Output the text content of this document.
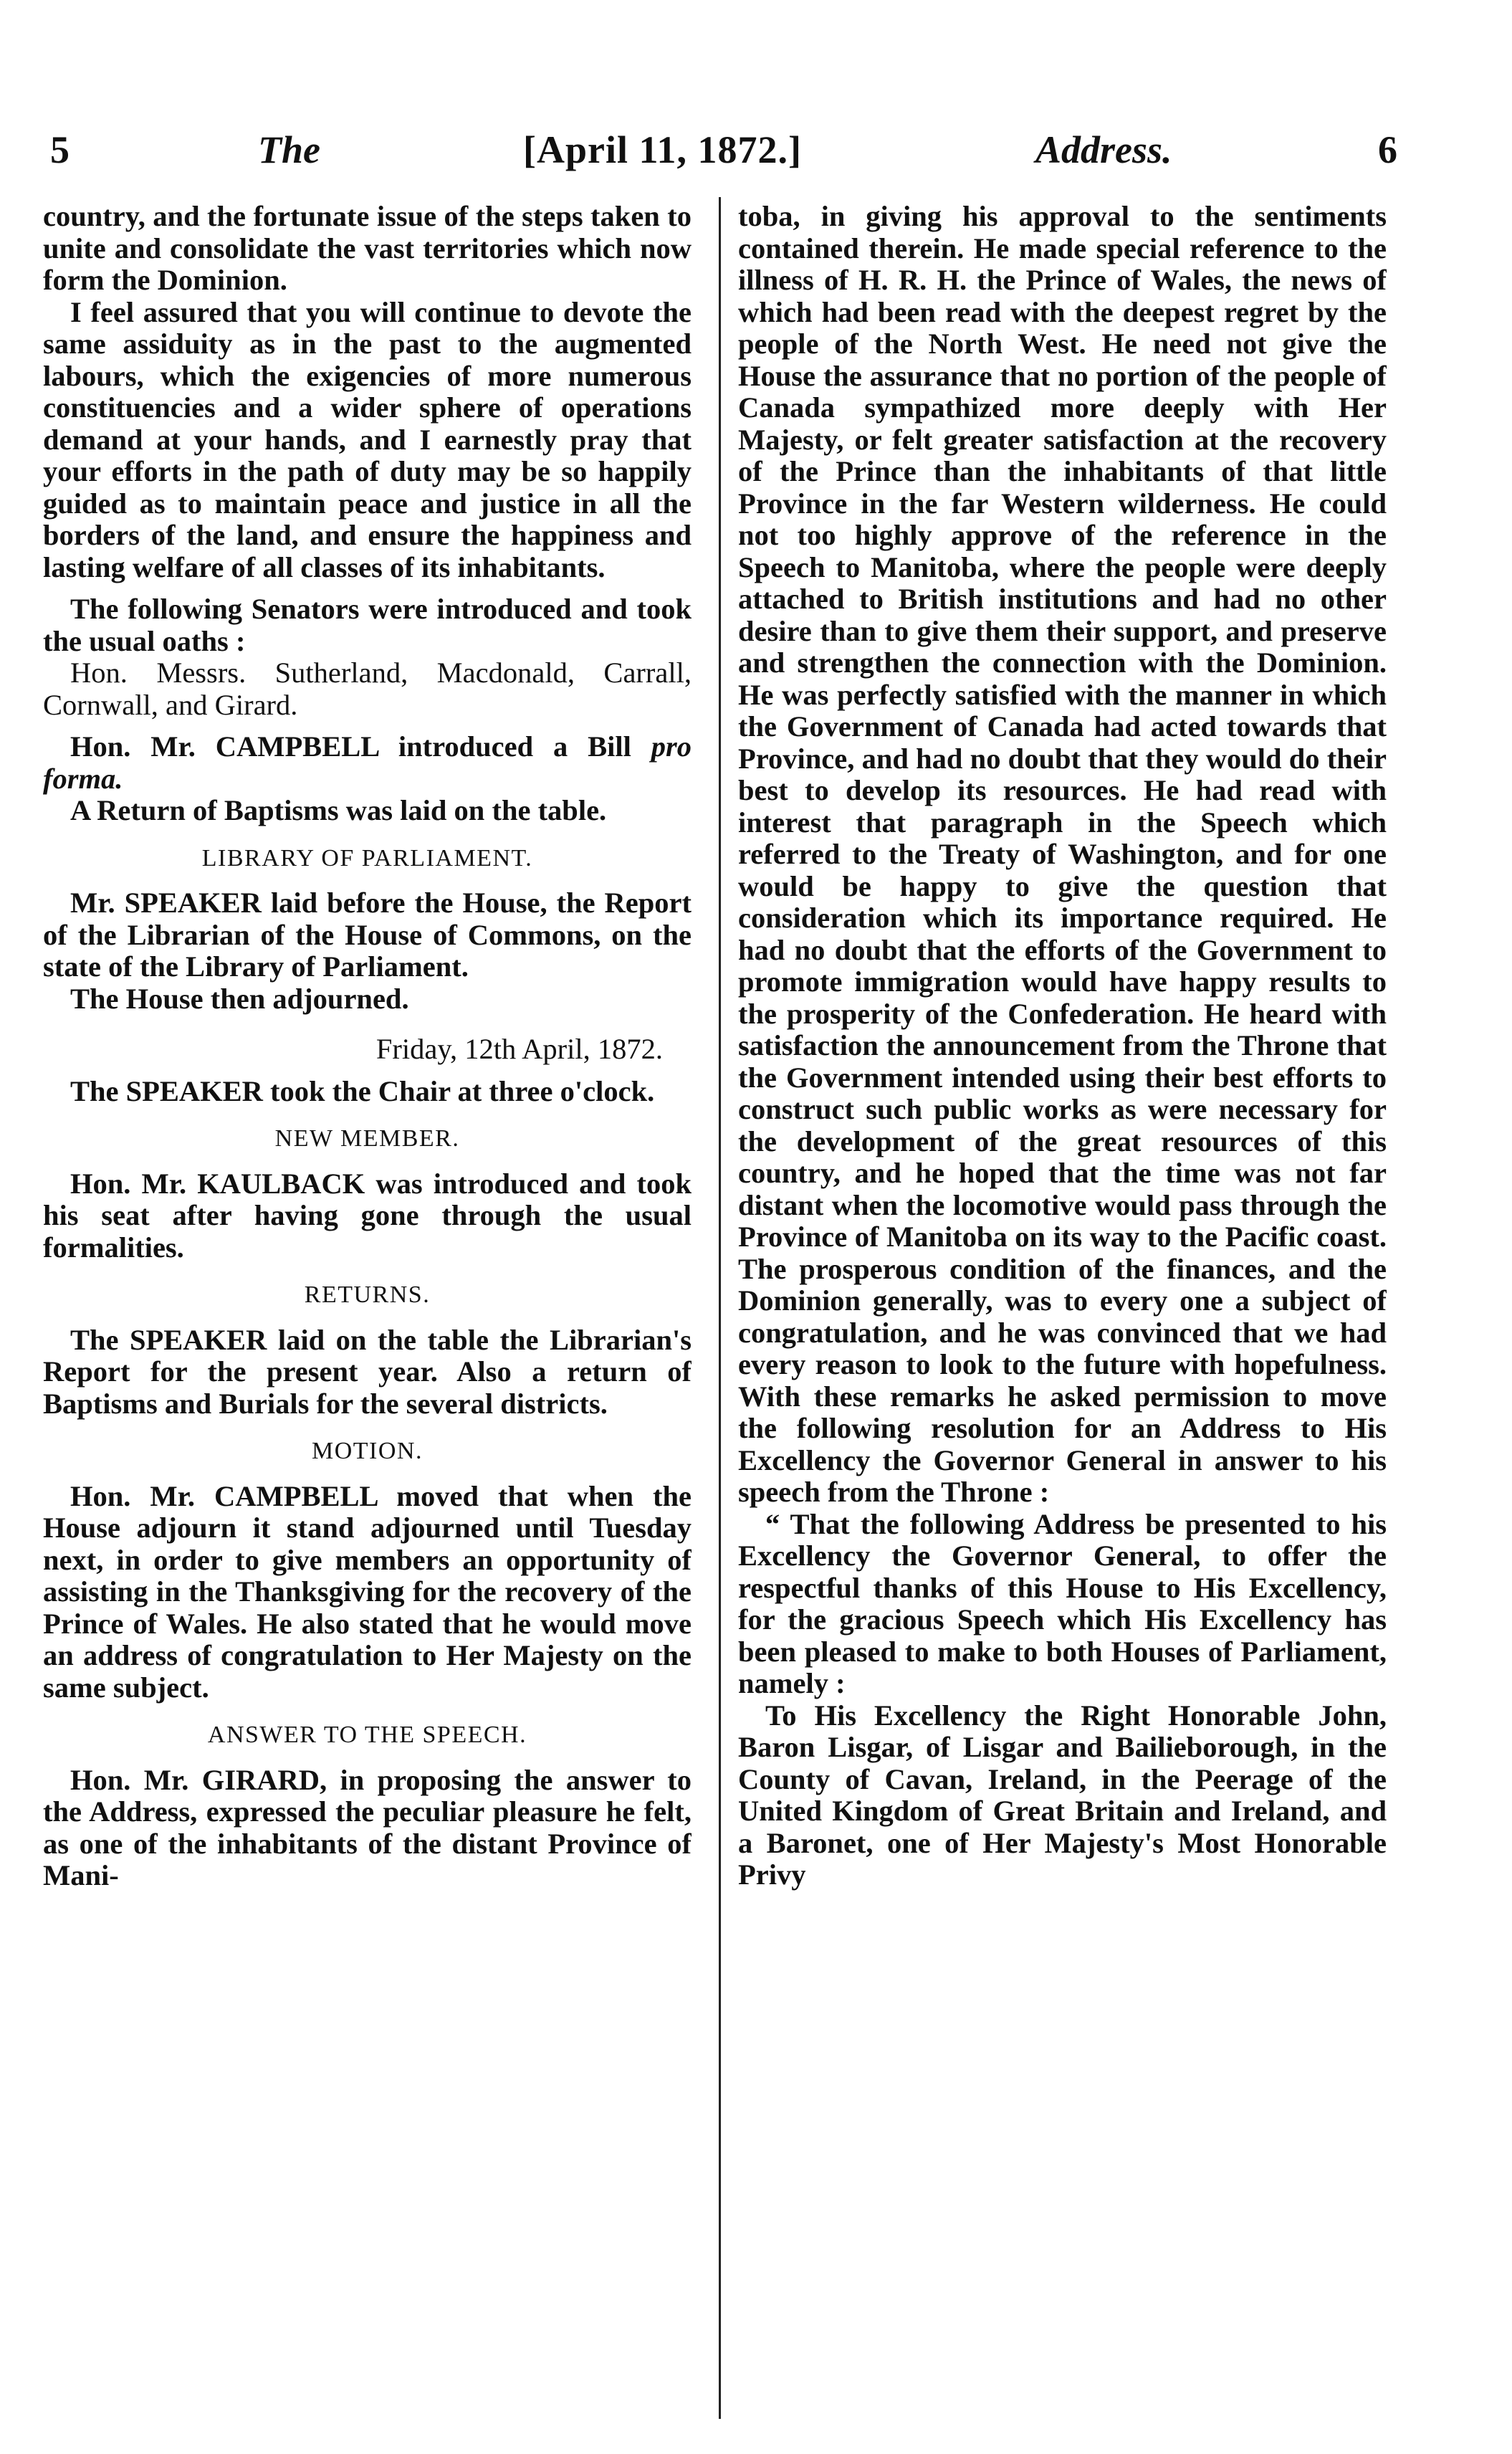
5	The	[April 11, 1872.]	Address.	6

country, and the fortunate issue of the steps taken to unite and consolidate the vast territories which now form the Dominion.

I feel assured that you will continue to devote the same assiduity as in the past to the augmented labours, which the exigencies of more numerous constituencies and a wider sphere of operations demand at your hands, and I earnestly pray that your efforts in the path of duty may be so happily guided as to maintain peace and justice in all the borders of the land, and ensure the happiness and lasting welfare of all classes of its inhabitants.

The following Senators were introduced and took the usual oaths :

Hon. Messrs. Sutherland, Macdonald, Carrall, Cornwall, and Girard.

Hon. Mr. CAMPBELL introduced a Bill pro forma.

A Return of Baptisms was laid on the table.

LIBRARY OF PARLIAMENT.

Mr. SPEAKER laid before the House, the Report of the Librarian of the House of Commons, on the state of the Library of Parliament.

The House then adjourned.

Friday, 12th April, 1872.

The SPEAKER took the Chair at three o'clock.

NEW MEMBER.

Hon. Mr. KAULBACK was introduced and took his seat after having gone through the usual formalities.

RETURNS.

The SPEAKER laid on the table the Librarian's Report for the present year. Also a return of Baptisms and Burials for the several districts.

MOTION.

Hon. Mr. CAMPBELL moved that when the House adjourn it stand adjourned until Tuesday next, in order to give members an opportunity of assisting in the Thanksgiving for the recovery of the Prince of Wales. He also stated that he would move an address of congratulation to Her Majesty on the same subject.

ANSWER TO THE SPEECH.

Hon. Mr. GIRARD, in proposing the answer to the Address, expressed the peculiar pleasure he felt, as one of the inhabitants of the distant Province of Mani-

toba, in giving his approval to the sentiments contained therein. He made special reference to the illness of H. R. H. the Prince of Wales, the news of which had been read with the deepest regret by the people of the North West. He need not give the House the assurance that no portion of the people of Canada sympathized more deeply with Her Majesty, or felt greater satisfaction at the recovery of the Prince than the inhabitants of that little Province in the far Western wilderness. He could not too highly approve of the reference in the Speech to Manitoba, where the people were deeply attached to British institutions and had no other desire than to give them their support, and preserve and strengthen the connection with the Dominion. He was perfectly satisfied with the manner in which the Government of Canada had acted towards that Province, and had no doubt that they would do their best to develop its resources. He had read with interest that paragraph in the Speech which referred to the Treaty of Washington, and for one would be happy to give the question that consideration which its importance required. He had no doubt that the efforts of the Government to promote immigration would have happy results to the prosperity of the Confederation. He heard with satisfaction the announcement from the Throne that the Government intended using their best efforts to construct such public works as were necessary for the development of the great resources of this country, and he hoped that the time was not far distant when the locomotive would pass through the Province of Manitoba on its way to the Pacific coast. The prosperous condition of the finances, and the Dominion generally, was to every one a subject of congratulation, and he was convinced that we had every reason to look to the future with hopefulness. With these remarks he asked permission to move the following resolution for an Address to His Excellency the Governor General in answer to his speech from the Throne :

“ That the following Address be presented to his Excellency the Governor General, to offer the respectful thanks of this House to His Excellency, for the gracious Speech which His Excellency has been pleased to make to both Houses of Parliament, namely :

To His Excellency the Right Honorable John, Baron Lisgar, of Lisgar and Bailieborough, in the County of Cavan, Ireland, in the Peerage of the United Kingdom of Great Britain and Ireland, and a Baronet, one of Her Majesty's Most Honorable Privy
